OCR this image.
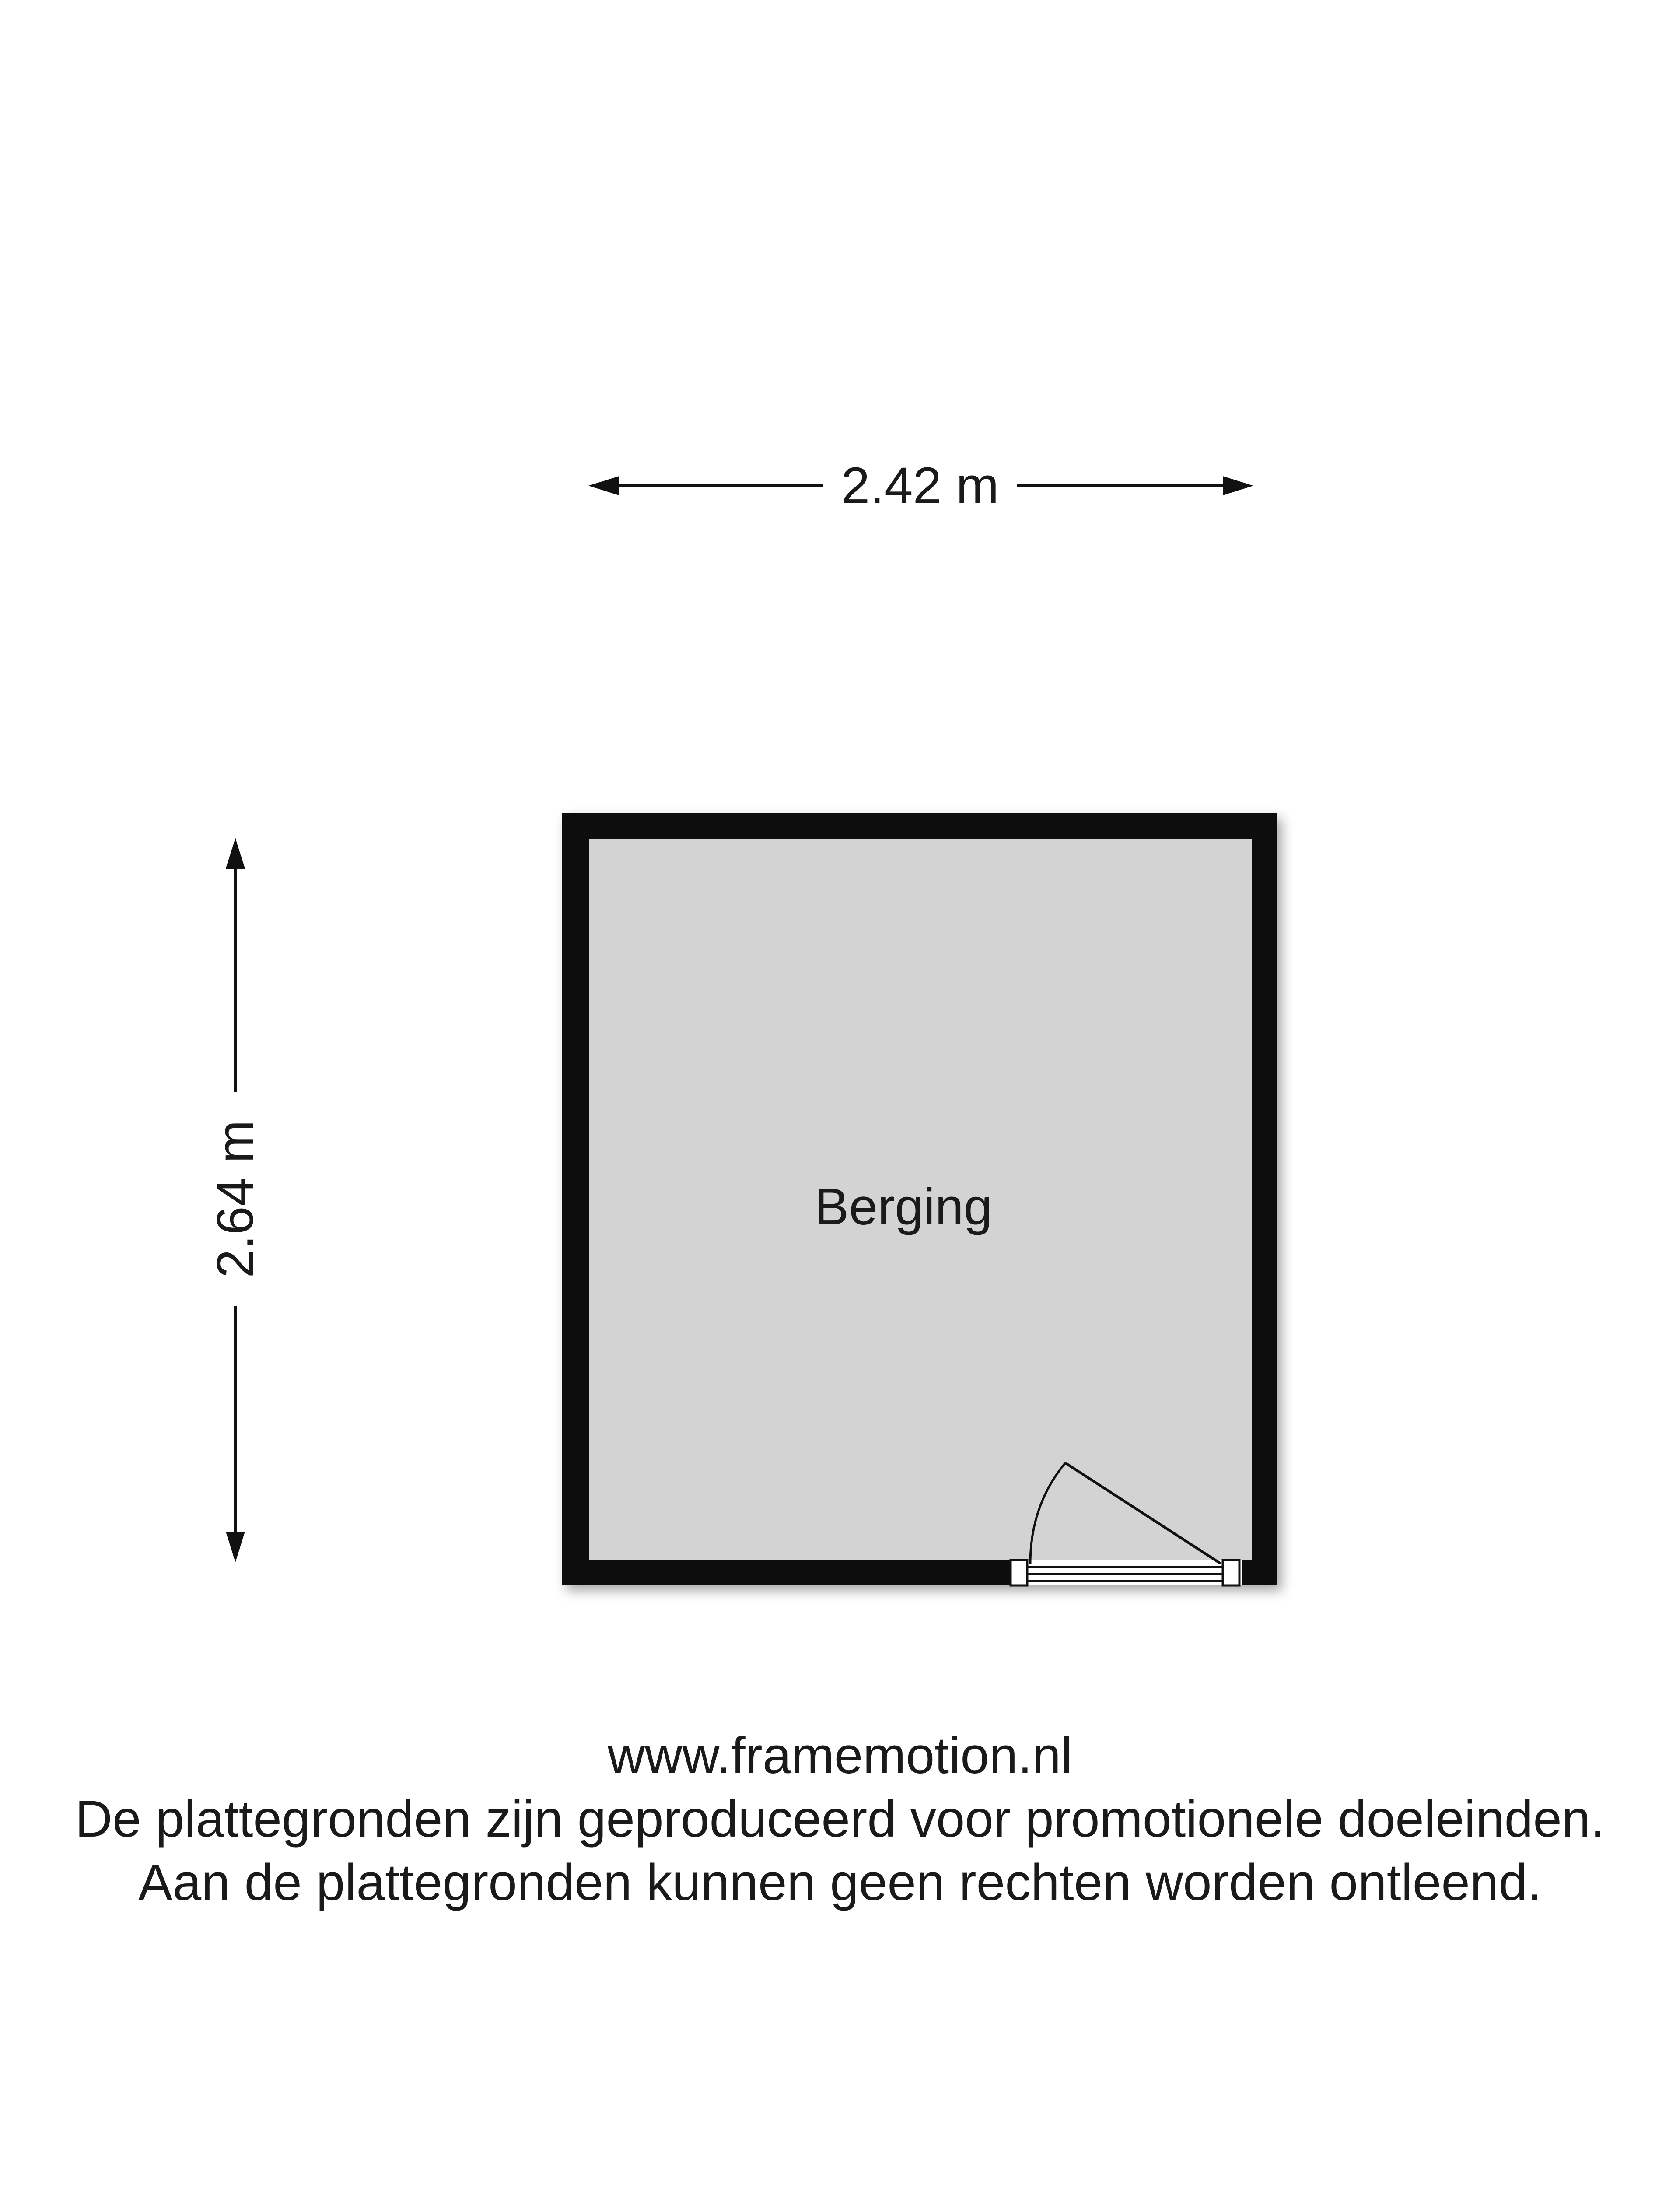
2.42 m
2.64 m	Berging
www.framemotion.nl
De plattegronden zijn geproduceerd voor promotionele doeleinden.
Aan de plattegronden kunnen geen rechten worden ontleend.
